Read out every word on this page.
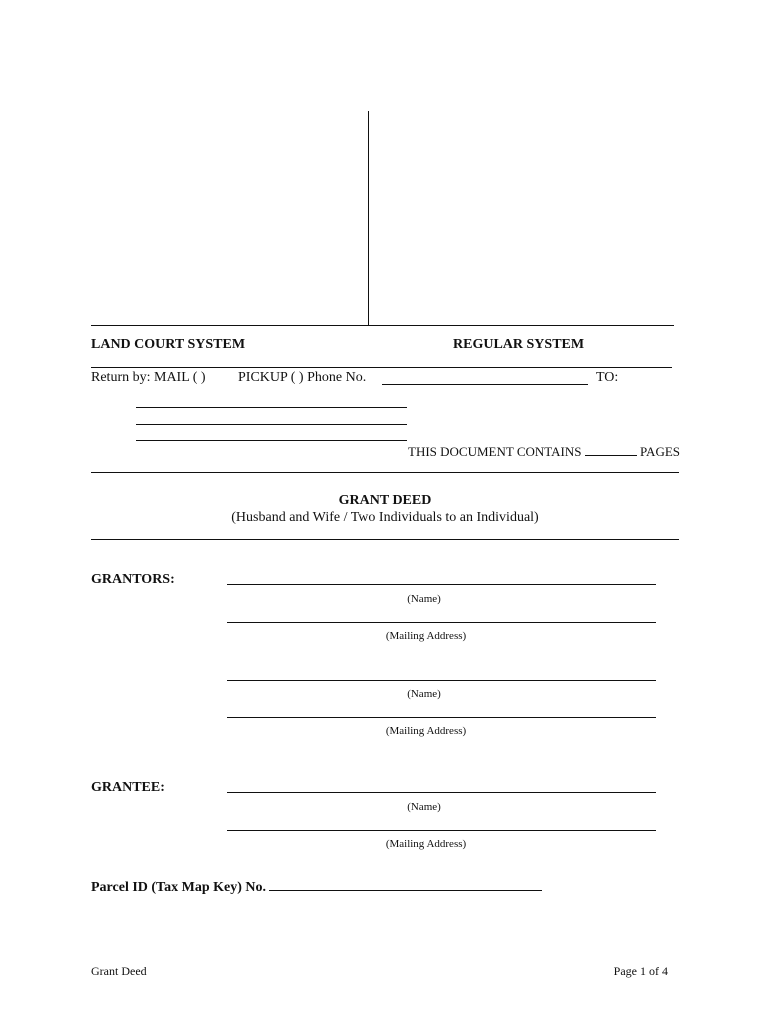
LAND COURT SYSTEM	REGULAR SYSTEM
Return by: MAIL ( ) PICKUP ( ) Phone No.	TO:
THIS DOCUMENT CONTAINS	PAGES
GRANT DEED
(Husband and Wife / Two Individuals to an Individual)
GRANTORS:
(Name)
(Mailing Address)
(Name)
(Mailing Address)
GRANTEE:
(Name)
(Mailing Address)
Parcel ID (Tax Map Key) No.
Grant Deed	Page 1 of 4
